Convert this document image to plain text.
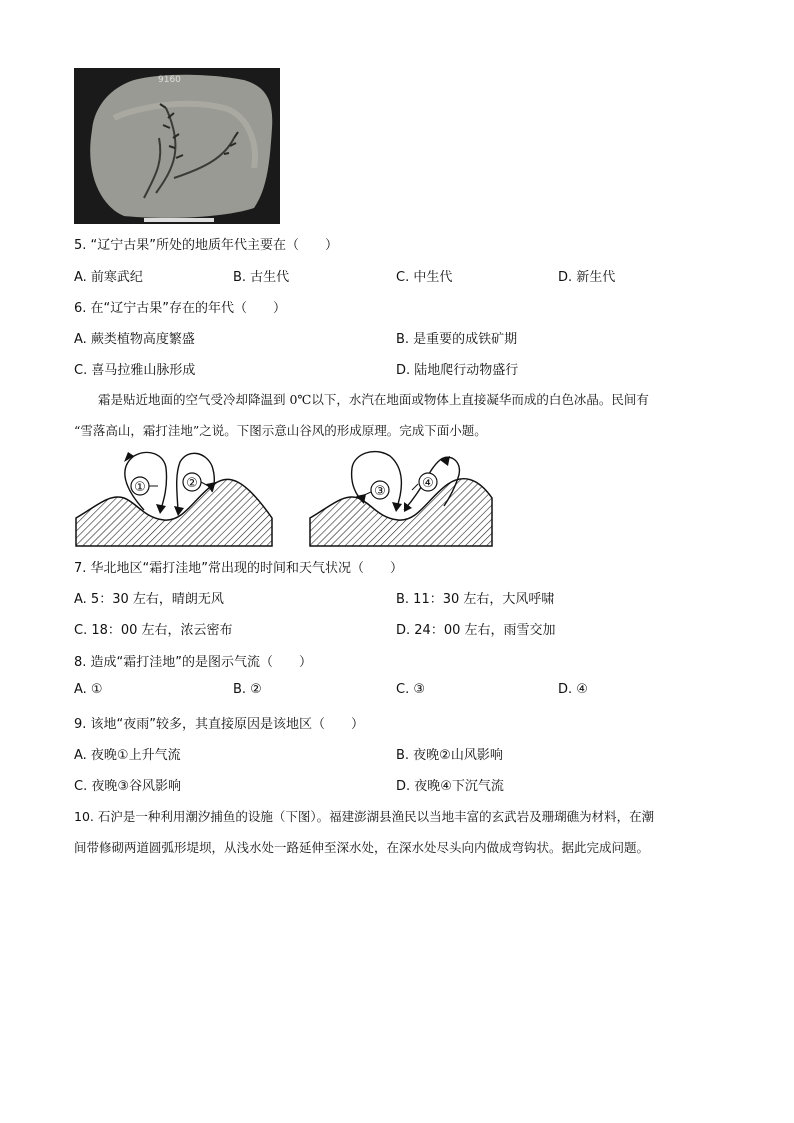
9160
5. “辽宁古果”所处的地质年代主要在（　　）
A. 前寒武纪	B. 古生代	C. 中生代	D. 新生代
6. 在“辽宁古果”存在的年代（　　）
A. 蕨类植物高度繁盛	B. 是重要的成铁矿期
C. 喜马拉雅山脉形成	D. 陆地爬行动物盛行
霜是贴近地面的空气受冷却降温到 0℃以下，水汽在地面或物体上直接凝华而成的白色冰晶。民间有
“雪落高山，霜打洼地”之说。下图示意山谷风的形成原理。完成下面小题。
①	②
③
④
7. 华北地区“霜打洼地”常出现的时间和天气状况（　　）
A. 5：30 左右，晴朗无风	B. 11：30 左右，大风呼啸
C. 18：00 左右，浓云密布	D. 24：00 左右，雨雪交加
8. 造成“霜打洼地”的是图示气流（　　）
A. ①	B. ②	C. ③	D. ④
9. 该地“夜雨”较多，其直接原因是该地区（　　）
A. 夜晚①上升气流	B. 夜晚②山风影响
C. 夜晚③谷风影响	D. 夜晚④下沉气流
10. 石沪是一种利用潮汐捕鱼的设施（下图）。福建澎湖县渔民以当地丰富的玄武岩及珊瑚礁为材料，在潮
间带修砌两道圆弧形堤坝，从浅水处一路延伸至深水处，在深水处尽头向内做成弯钩状。据此完成问题。
